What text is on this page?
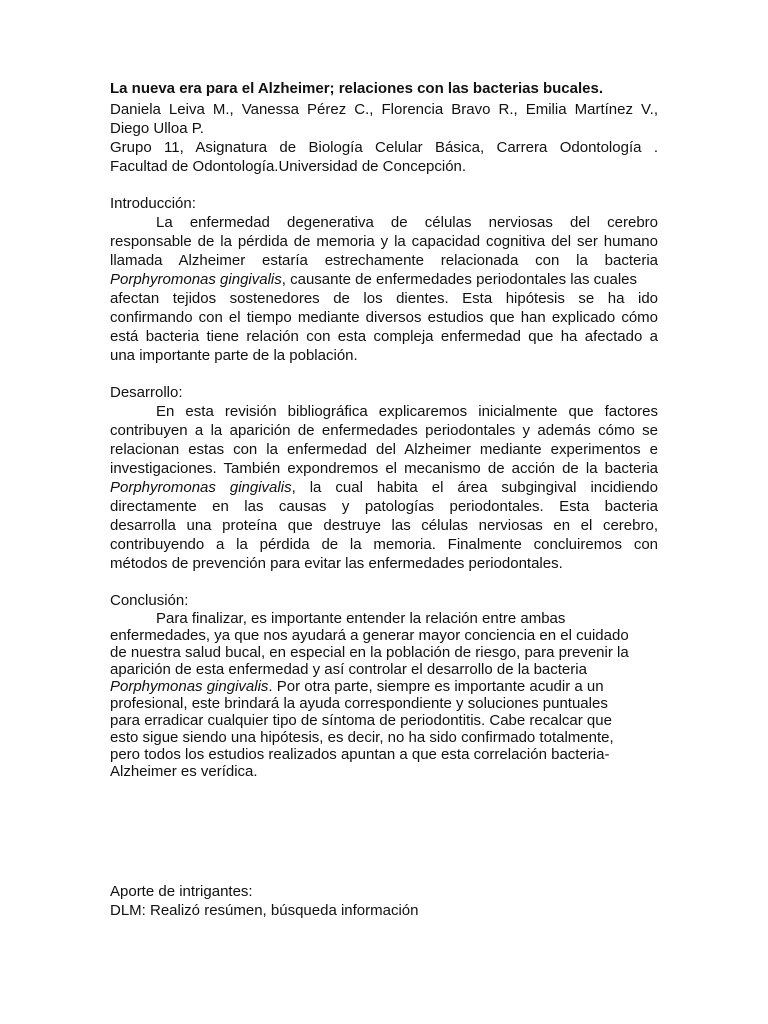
La nueva era para el Alzheimer; relaciones con las bacterias bucales.
Daniela Leiva M., Vanessa Pérez C., Florencia Bravo R., Emilia Martínez V.,
Diego Ulloa P.
Grupo 11, Asignatura de Biología Celular Básica, Carrera Odontología .
Facultad de Odontología.Universidad de Concepción.
Introducción:
La enfermedad degenerativa de células nerviosas del cerebro
responsable de la pérdida de memoria y la capacidad cognitiva del ser humano
llamada Alzheimer estaría estrechamente relacionada con la bacteria
Porphyromonas gingivalis, causante de enfermedades periodontales las cuales
afectan tejidos sostenedores de los dientes. Esta hipótesis se ha ido
confirmando con el tiempo mediante diversos estudios que han explicado cómo
está bacteria tiene relación con esta compleja enfermedad que ha afectado a
una importante parte de la población.
Desarrollo:
En esta revisión bibliográfica explicaremos inicialmente que factores
contribuyen a la aparición de enfermedades periodontales y además cómo se
relacionan estas con la enfermedad del Alzheimer mediante experimentos e
investigaciones. También expondremos el mecanismo de acción de la bacteria
Porphyromonas gingivalis, la cual habita el área subgingival incidiendo
directamente en las causas y patologías periodontales. Esta bacteria
desarrolla una proteína que destruye las células nerviosas en el cerebro,
contribuyendo a la pérdida de la memoria. Finalmente concluiremos con
métodos de prevención para evitar las enfermedades periodontales.
Conclusión:
Para finalizar, es importante entender la relación entre ambas
enfermedades, ya que nos ayudará a generar mayor conciencia en el cuidado
de nuestra salud bucal, en especial en la población de riesgo, para prevenir la
aparición de esta enfermedad y así controlar el desarrollo de la bacteria
Porphymonas gingivalis. Por otra parte, siempre es importante acudir a un
profesional, este brindará la ayuda correspondiente y soluciones puntuales
para erradicar cualquier tipo de síntoma de periodontitis. Cabe recalcar que
esto sigue siendo una hipótesis, es decir, no ha sido confirmado totalmente,
pero todos los estudios realizados apuntan a que esta correlación bacteria-
Alzheimer es verídica.
Aporte de intrigantes:
DLM: Realizó resúmen, búsqueda información
